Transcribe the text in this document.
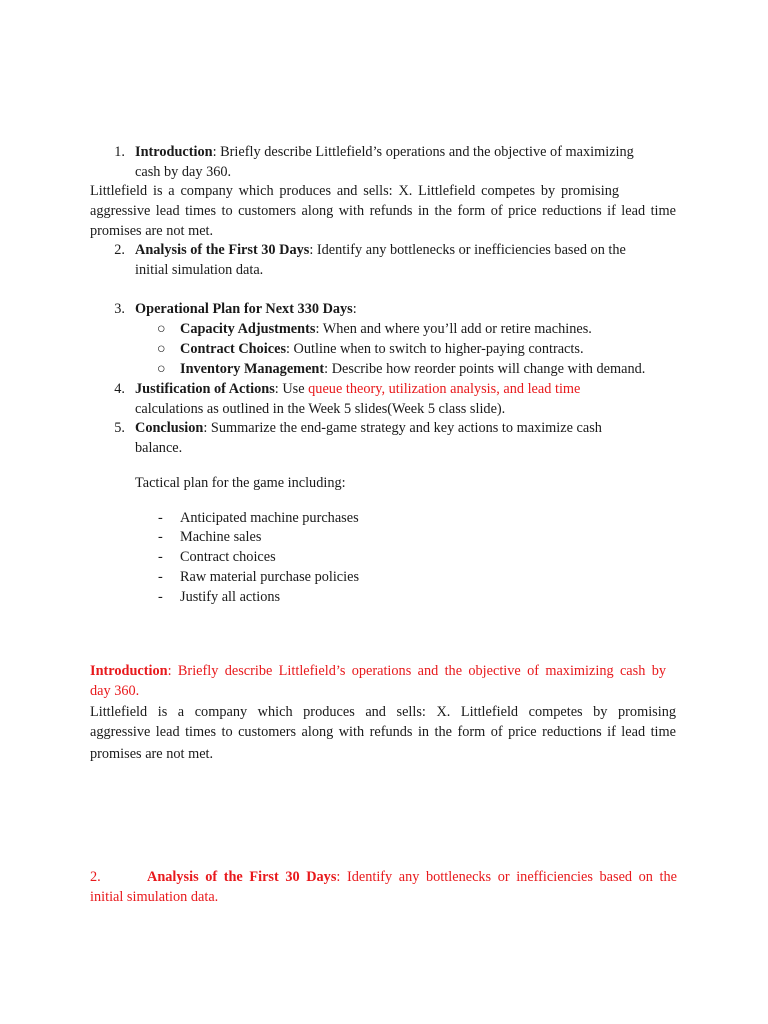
1. Introduction: Briefly describe Littlefield’s operations and the objective of maximizing
cash by day 360.
Littlefield is a company which produces and sells: X. Littlefield competes by promising
aggressive lead times to customers along with refunds in the form of price reductions if lead time
promises are not met.
2. Analysis of the First 30 Days: Identify any bottlenecks or inefficiencies based on the
initial simulation data.
3. Operational Plan for Next 330 Days:
○ Capacity Adjustments: When and where you’ll add or retire machines.
○ Contract Choices: Outline when to switch to higher-paying contracts.
○ Inventory Management: Describe how reorder points will change with demand.
4. Justification of Actions: Use queue theory, utilization analysis, and lead time
calculations as outlined in the Week 5 slides(Week 5 class slide).
5. Conclusion: Summarize the end-game strategy and key actions to maximize cash
balance.
Tactical plan for the game including:
- Anticipated machine purchases
- Machine sales
- Contract choices
- Raw material purchase policies
- Justify all actions
Introduction: Briefly describe Littlefield’s operations and the objective of maximizing cash by
day 360.
Littlefield is a company which produces and sells: X. Littlefield competes by promising
aggressive lead times to customers along with refunds in the form of price reductions if lead time
promises are not met.
2.	Analysis of the First 30 Days: Identify any bottlenecks or inefficiencies based on the
initial simulation data.
